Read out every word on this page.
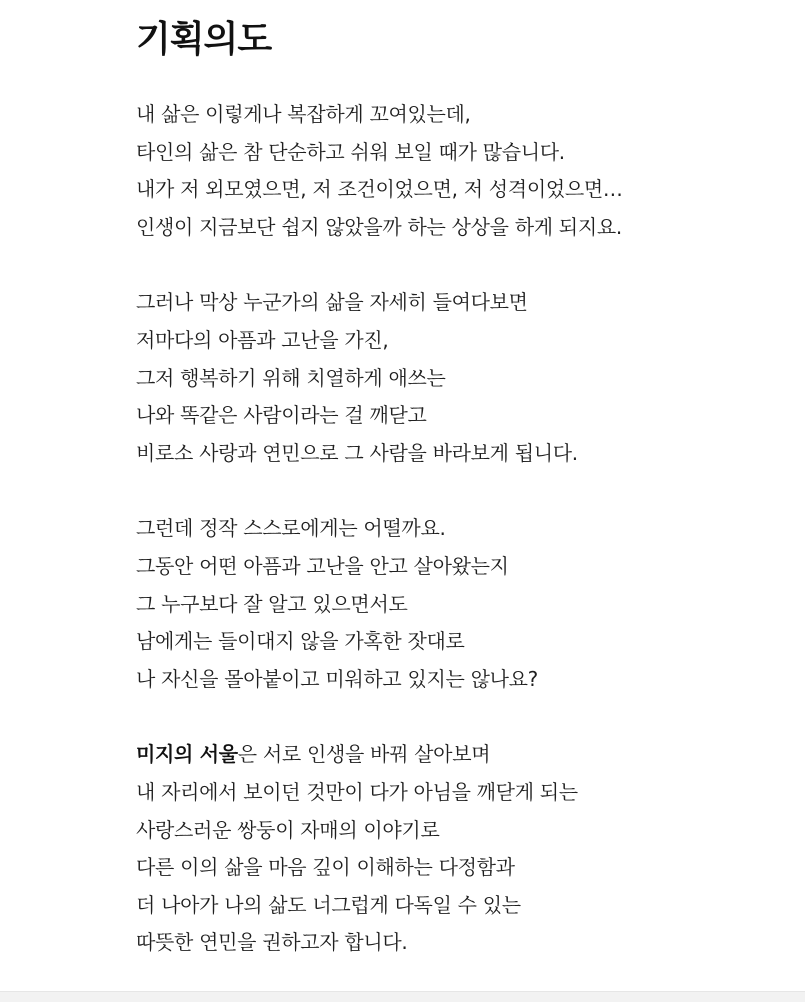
기획의도

내 삶은 이렇게나 복잡하게 꼬여있는데,
타인의 삶은 참 단순하고 쉬워 보일 때가 많습니다.
내가 저 외모였으면, 저 조건이었으면, 저 성격이었으면…
인생이 지금보단 쉽지 않았을까 하는 상상을 하게 되지요.

그러나 막상 누군가의 삶을 자세히 들여다보면
저마다의 아픔과 고난을 가진,
그저 행복하기 위해 치열하게 애쓰는
나와 똑같은 사람이라는 걸 깨닫고
비로소 사랑과 연민으로 그 사람을 바라보게 됩니다.

그런데 정작 스스로에게는 어떨까요.
그동안 어떤 아픔과 고난을 안고 살아왔는지
그 누구보다 잘 알고 있으면서도
남에게는 들이대지 않을 가혹한 잣대로
나 자신을 몰아붙이고 미워하고 있지는 않나요?

미지의 서울은 서로 인생을 바꿔 살아보며
내 자리에서 보이던 것만이 다가 아님을 깨닫게 되는
사랑스러운 쌍둥이 자매의 이야기로
다른 이의 삶을 마음 깊이 이해하는 다정함과
더 나아가 나의 삶도 너그럽게 다독일 수 있는
따뜻한 연민을 권하고자 합니다.
